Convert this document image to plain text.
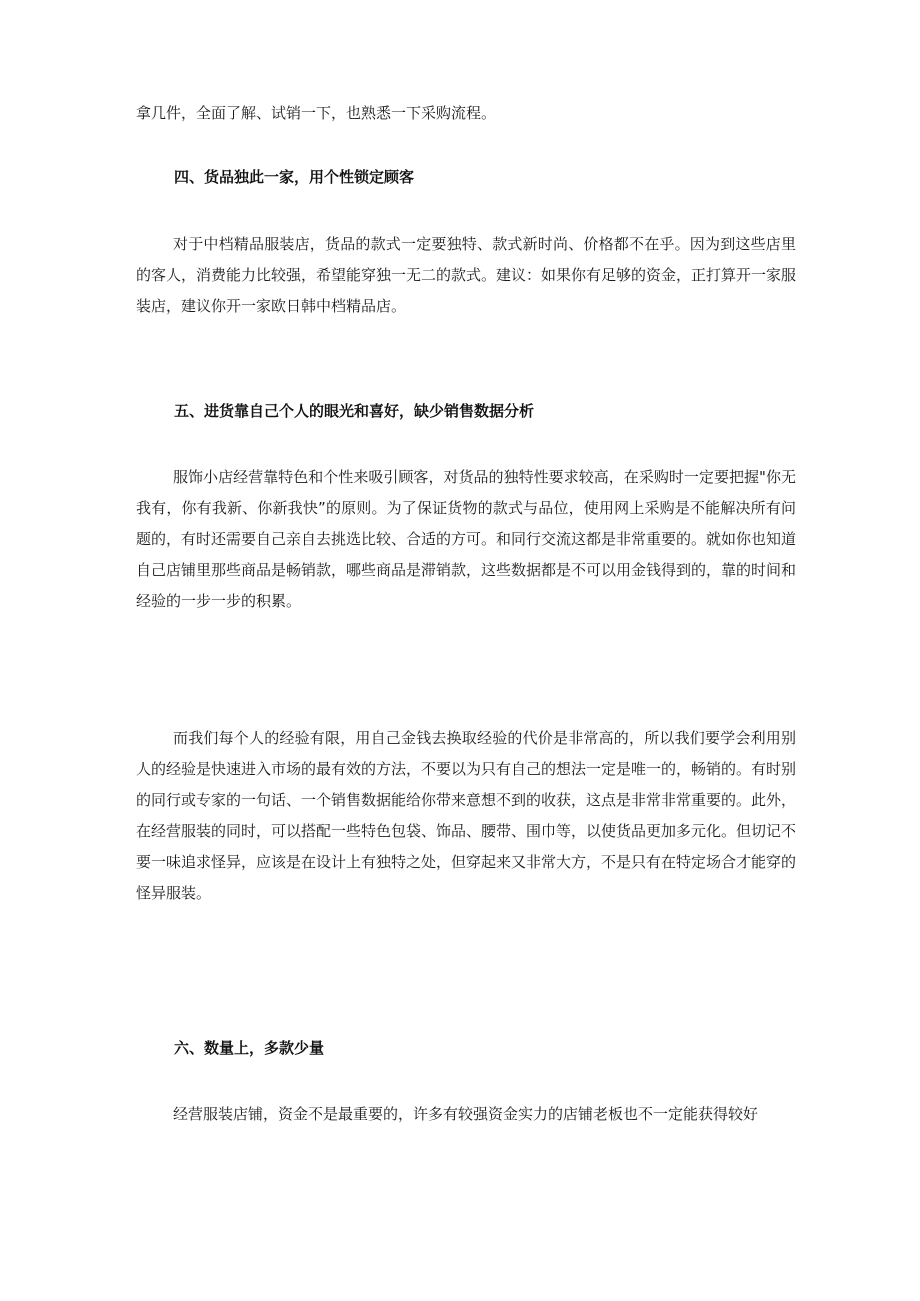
拿几件，全面了解、试销一下，也熟悉一下采购流程。

四、货品独此一家，用个性锁定顾客

对于中档精品服装店，货品的款式一定要独特、款式新时尚、价格都不在乎。因为到这些店里的客人，消费能力比较强，希望能穿独一无二的款式。建议：如果你有足够的资金，正打算开一家服装店，建议你开一家欧日韩中档精品店。

五、进货靠自己个人的眼光和喜好，缺少销售数据分析

服饰小店经营靠特色和个性来吸引顾客，对货品的独特性要求较高，在采购时一定要把握"你无我有，你有我新、你新我快”的原则。为了保证货物的款式与品位，使用网上采购是不能解决所有问题的，有时还需要自己亲自去挑选比较、合适的方可。和同行交流这都是非常重要的。就如你也知道自己店铺里那些商品是畅销款，哪些商品是滞销款，这些数据都是不可以用金钱得到的，靠的时间和经验的一步一步的积累。

而我们每个人的经验有限，用自己金钱去换取经验的代价是非常高的，所以我们要学会利用别人的经验是快速进入市场的最有效的方法，不要以为只有自己的想法一定是唯一的，畅销的。有时别的同行或专家的一句话、一个销售数据能给你带来意想不到的收获，这点是非常非常重要的。此外，在经营服装的同时，可以搭配一些特色包袋、饰品、腰带、围巾等，以使货品更加多元化。但切记不要一味追求怪异，应该是在设计上有独特之处，但穿起来又非常大方，不是只有在特定场合才能穿的怪异服装。

六、数量上，多款少量

经营服装店铺，资金不是最重要的，许多有较强资金实力的店铺老板也不一定能获得较好
